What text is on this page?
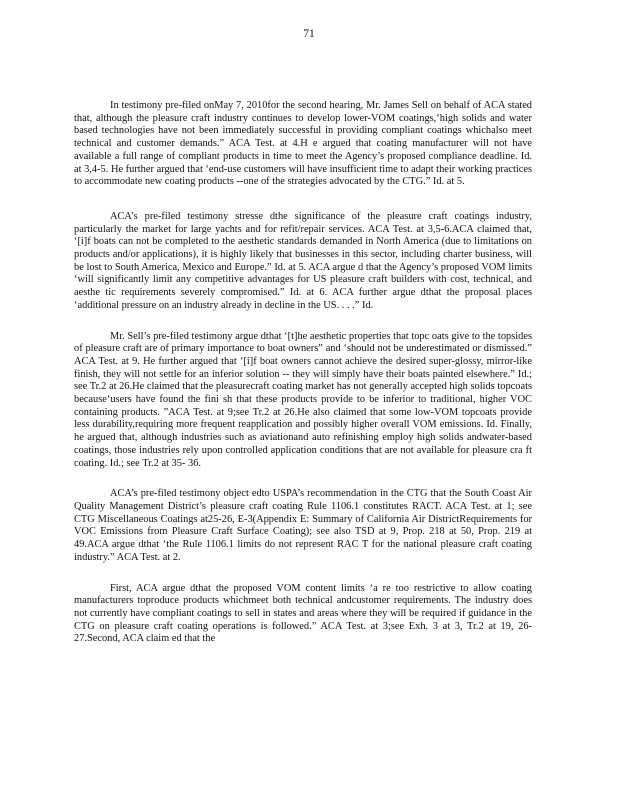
71

In testimony pre-filed onMay 7, 2010for the second hearing, Mr. James Sell on behalf of ACA stated that, although the pleasure craft industry continues to develop lower-VOM coatings,‘high solids and water based technologies have not been immediately successful in providing compliant coatings whichalso meet technical and customer demands.” ACA Test. at 4.H e argued that coating manufacturer will not have available a full range of compliant products in time to meet the Agency’s proposed compliance deadline. Id. at 3,4-5. He further argued that ‘end-use customers will have insufficient time to adapt their working practices to accommodate new coating products --one of the strategies advocated by the CTG.” Id. at 5.

ACA’s pre-filed testimony stresse dthe significance of the pleasure craft coatings industry, particularly the market for large yachts and for refit/repair services. ACA Test. at 3,5-6.ACA claimed that, ‘[i]f boats can not be completed to the aesthetic standards demanded in North America (due to limitations on products and/or applications), it is highly likely that businesses in this sector, including charter business, will be lost to South America, Mexico and Europe.” Id. at 5. ACA argue d that the Agency’s proposed VOM limits ‘will significantly limit any competitive advantages for US pleasure craft builders with cost, technical, and aesthe tic requirements severely compromised.” Id. at 6. ACA further argue dthat the proposal places ‘additional pressure on an industry already in decline in the US. . . .” Id.

Mr. Sell’s pre-filed testimony argue dthat ‘[t]he aesthetic properties that topc oats give to the topsides of pleasure craft are of primary importance to boat owners” and ‘should not be underestimated or dismissed.” ACA Test. at 9. He further argued that ‘[i]f boat owners cannot achieve the desired super-glossy, mirror-like finish, they will not settle for an inferior solution -- they will simply have their boats painted elsewhere.” Id.; see Tr.2 at 26.He claimed that the pleasurecraft coating market has not generally accepted high solids topcoats because‘users have found the fini sh that these products provide to be inferior to traditional, higher VOC containing products. ”ACA Test. at 9;see Tr.2 at 26.He also claimed that some low-VOM topcoats provide less durability,requiring more frequent reapplication and possibly higher overall VOM emissions. Id. Finally, he argued that, although industries such as aviationand auto refinishing employ high solids andwater-based coatings, those industries rely upon controlled application conditions that are not available for pleasure cra ft coating. Id.; see Tr.2 at 35- 36.

ACA’s pre-filed testimony object edto USPA’s recommendation in the CTG that the South Coast Air Quality Management District’s pleasure craft coating Rule 1106.1 constitutes RACT. ACA Test. at 1; see CTG Miscellaneous Coatings at25-26, E-3(Appendix E: Summary of California Air DistrictRequirements for VOC Emissions from Pleasure Craft Surface Coating); see also TSD at 9, Prop. 218 at 50, Prop. 219 at 49.ACA argue dthat ‘the Rule 1106.1 limits do not represent RAC T for the national pleasure craft coating industry.” ACA Test. at 2.

First, ACA argue dthat the proposed VOM content limits ‘a re too restrictive to allow coating manufacturers toproduce products whichmeet both technical andcustomer requirements. The industry does not currently have compliant coatings to sell in states and areas where they will be required if guidance in the CTG on pleasure craft coating operations is followed.” ACA Test. at 3;see Exh. 3 at 3, Tr.2 at 19, 26- 27.Second, ACA claim ed that the
